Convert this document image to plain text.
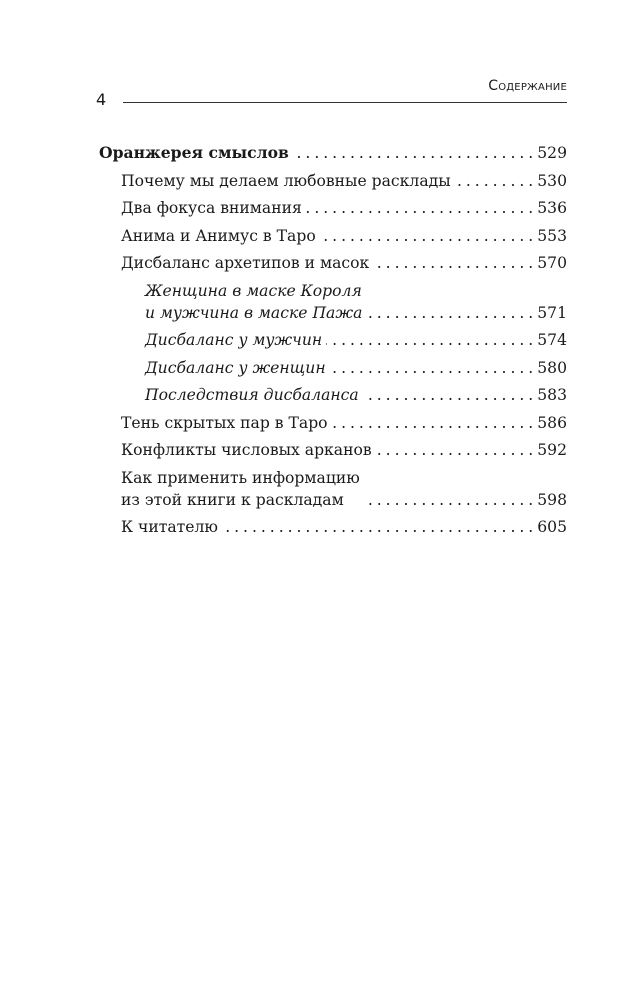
4
Содержание
Оранжерея смыслов . . .	529
Почему мы делаем любовные расклады . . .	530
Два фокуса внимания . . .	536
Анима и Анимус в Таро . . .	553
Дисбаланс архетипов и масок . . .	570
Женщина в маске Короля
и мужчина в маске Пажа . . .	571
Дисбаланс у мужчин . . .	574
Дисбаланс у женщин . . .	580
Последствия дисбаланса . . .	583
Тень скрытых пар в Таро . . .	586
Конфликты числовых арканов . . .	592
Как применить информацию
из этой книги к раскладам . . .	598
К читателю . . .	605
